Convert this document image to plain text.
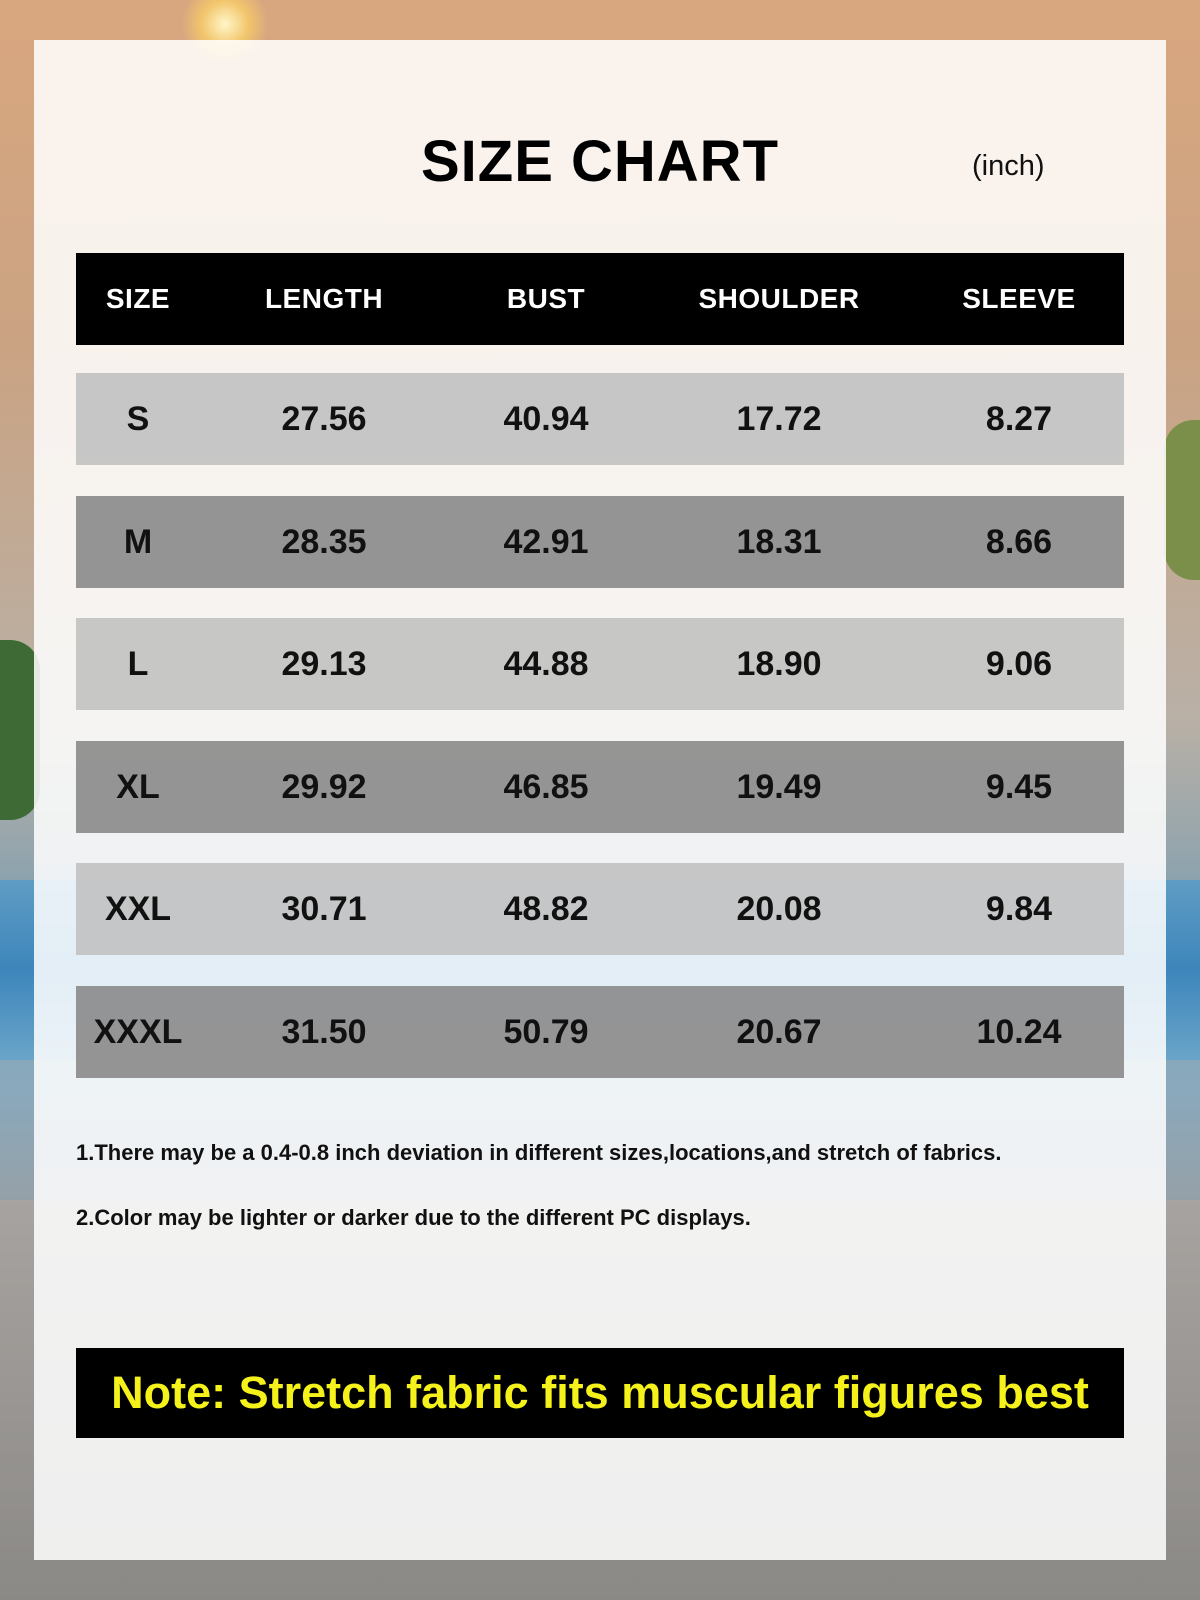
SIZE CHART	(inch)
SIZE	LENGTH	BUST	SHOULDER	SLEEVE
S	27.56	40.94	17.72	8.27
M	28.35	42.91	18.31	8.66
L	29.13	44.88	18.90	9.06
XL	29.92	46.85	19.49	9.45
XXL	30.71	48.82	20.08	9.84
XXXL	31.50	50.79	20.67	10.24
1.There may be a 0.4-0.8 inch deviation in different sizes,locations,and stretch of fabrics.
2.Color may be lighter or darker due to the different PC displays.
Note: Stretch fabric fits muscular figures best
